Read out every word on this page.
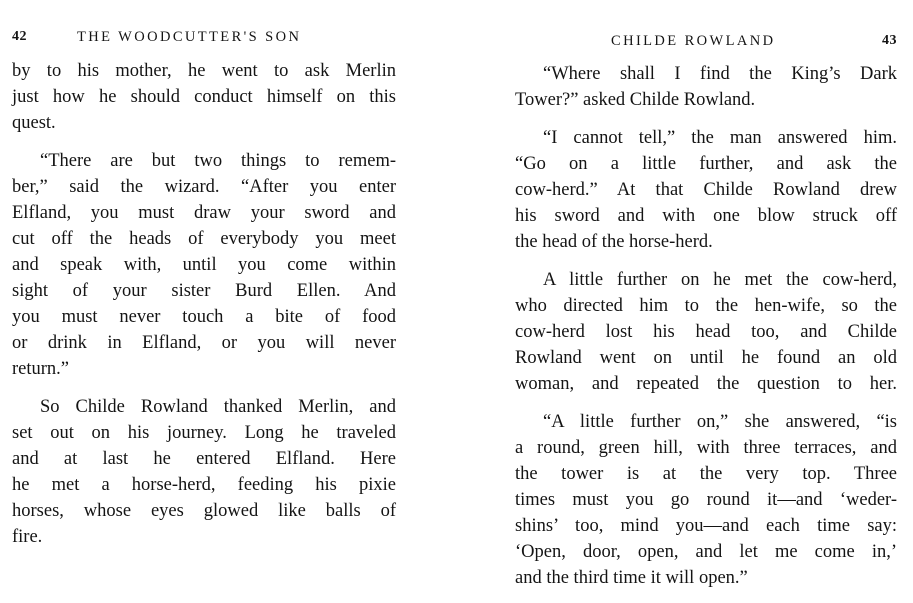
42	THE WOODCUTTER'S SON

by to his mother, he went to ask Merlin
just how he should conduct himself on this
quest.

“There are but two things to remem-
ber,” said the wizard. “After you enter
Elfland, you must draw your sword and
cut off the heads of everybody you meet
and speak with, until you come within
sight of your sister Burd Ellen. And
you must never touch a bite of food
or drink in Elfland, or you will never
return.”

So Childe Rowland thanked Merlin, and
set out on his journey. Long he traveled
and at last he entered Elfland. Here
he met a horse-herd, feeding his pixie
horses, whose eyes glowed like balls of
fire.

CHILDE ROWLAND	43

“Where shall I find the King’s Dark
Tower?” asked Childe Rowland.

“I cannot tell,” the man answered him.
“Go on a little further, and ask the
cow-herd.” At that Childe Rowland drew
his sword and with one blow struck off
the head of the horse-herd.

A little further on he met the cow-herd,
who directed him to the hen-wife, so the
cow-herd lost his head too, and Childe
Rowland went on until he found an old
woman, and repeated the question to her.

“A little further on,” she answered, “is
a round, green hill, with three terraces, and
the tower is at the very top. Three
times must you go round it—and ‘weder-
shins’ too, mind you—and each time say:
‘Open, door, open, and let me come in,’
and the third time it will open.”
